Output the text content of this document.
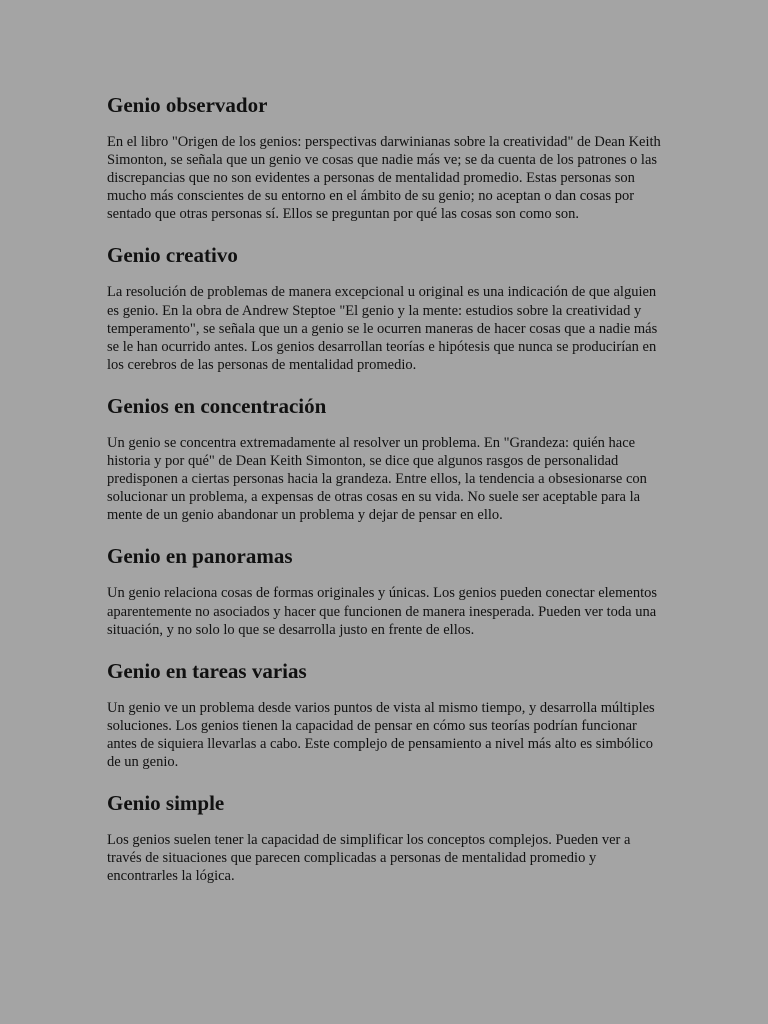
Genio observador

En el libro "Origen de los genios: perspectivas darwinianas sobre la creatividad" de Dean Keith Simonton, se señala que un genio ve cosas que nadie más ve; se da cuenta de los patrones o las discrepancias que no son evidentes a personas de mentalidad promedio. Estas personas son mucho más conscientes de su entorno en el ámbito de su genio; no aceptan o dan cosas por sentado que otras personas sí. Ellos se preguntan por qué las cosas son como son.

Genio creativo

La resolución de problemas de manera excepcional u original es una indicación de que alguien es genio. En la obra de Andrew Steptoe "El genio y la mente: estudios sobre la creatividad y temperamento", se señala que un a genio se le ocurren maneras de hacer cosas que a nadie más se le han ocurrido antes. Los genios desarrollan teorías e hipótesis que nunca se producirían en los cerebros de las personas de mentalidad promedio.

Genios en concentración

Un genio se concentra extremadamente al resolver un problema. En "Grandeza: quién hace historia y por qué" de Dean Keith Simonton, se dice que algunos rasgos de personalidad predisponen a ciertas personas hacia la grandeza. Entre ellos, la tendencia a obsesionarse con solucionar un problema, a expensas de otras cosas en su vida. No suele ser aceptable para la mente de un genio abandonar un problema y dejar de pensar en ello.

Genio en panoramas

Un genio relaciona cosas de formas originales y únicas. Los genios pueden conectar elementos aparentemente no asociados y hacer que funcionen de manera inesperada. Pueden ver toda una situación, y no solo lo que se desarrolla justo en frente de ellos.

Genio en tareas varias

Un genio ve un problema desde varios puntos de vista al mismo tiempo, y desarrolla múltiples soluciones. Los genios tienen la capacidad de pensar en cómo sus teorías podrían funcionar antes de siquiera llevarlas a cabo. Este complejo de pensamiento a nivel más alto es simbólico de un genio.

Genio simple

Los genios suelen tener la capacidad de simplificar los conceptos complejos. Pueden ver a través de situaciones que parecen complicadas a personas de mentalidad promedio y encontrarles la lógica.
